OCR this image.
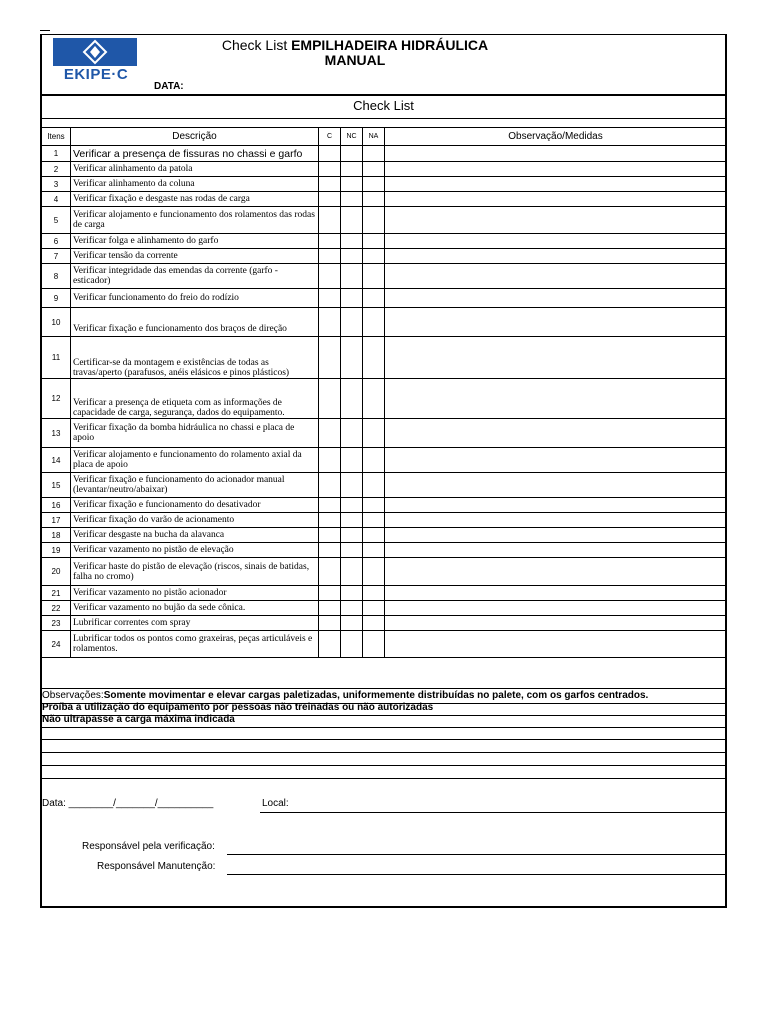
EKIPE·C
Check List EMPILHADEIRA HIDRÁULICA
MANUAL
DATA:
Check List
Itens	Descrição	C	NC	NA	Observação/Medidas
1	Verificar a presença de fissuras no chassi e garfo				
2	Verificar alinhamento da patola				
3	Verificar alinhamento da coluna				
4	Verificar fixação e desgaste nas rodas de carga				
5	Verificar alojamento e funcionamento dos rolamentos das rodas de carga				
6	Verificar folga e alinhamento do garfo				
7	Verificar tensão da corrente				
8	Verificar integridade das emendas da corrente (garfo - esticador)				
9	Verificar funcionamento do freio do rodízio				
10	Verificar fixação e funcionamento dos braços de direção				
11	Certificar-se da montagem e existências de todas as travas/aperto (parafusos, anéis elásicos e pinos plásticos)				
12	Verificar a presença de etiqueta com as informações de capacidade de carga, segurança, dados do equipamento.				
13	Verificar fixação da bomba hidráulica no chassi e placa de apoio				
14	Verificar alojamento e funcionamento do rolamento axial da placa de apoio				
15	Verificar fixação e funcionamento do acionador manual (levantar/neutro/abaixar)				
16	Verificar fixação e funcionamento do desativador				
17	Verificar fixação do varão de acionamento				
18	Verificar desgaste na bucha da alavanca				
19	Verificar vazamento no pistão de elevação				
20	Verificar haste do pistão de elevação (riscos, sinais de batidas, falha no cromo)				
21	Verificar vazamento no pistão acionador				
22	Verificar vazamento no bujão da sede cônica.				
23	Lubrificar correntes com spray				
24	Lubrificar todos os pontos como graxeiras, peças articuláveis e rolamentos.				
Observações:Somente movimentar e elevar cargas paletizadas, uniformemente distribuídas no palete, com os garfos centrados.
Proíba a utilização do equipamento por pessoas não treinadas ou não autorizadas
Não ultrapasse a carga máxima indicada
Data: ________/_______/__________	Local:
Responsável pela verificação:
Responsável Manutenção:
